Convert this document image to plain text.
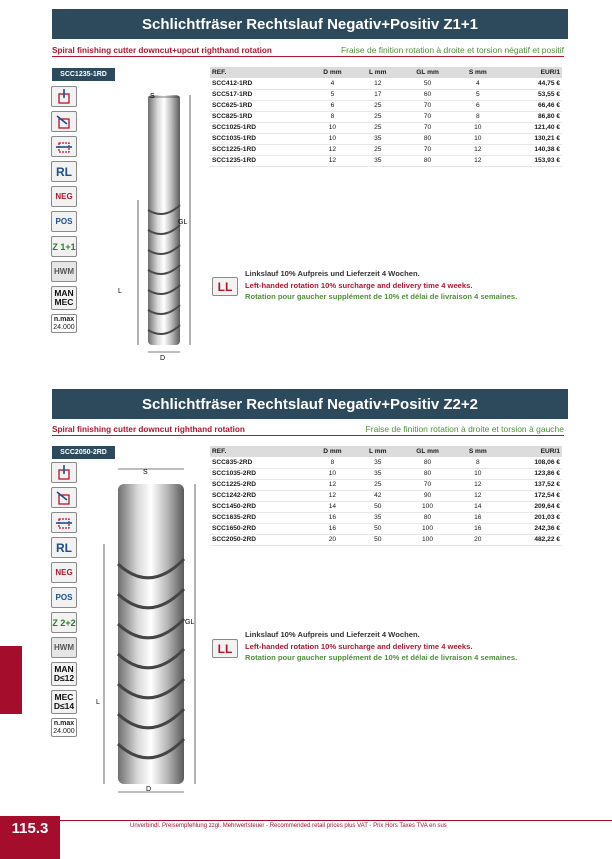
Schlichtfräser Rechtslauf Negativ+Positiv Z1+1
Spiral finishing cutter downcut+upcut righthand rotation	Fraise de finition rotation à droite et torsion négatif et positif
SCC1235-1RD
RL
NEG
POS
Z 1+1
HWM
MAN
MEC
n.max
24.000
S
GL
L
D
REF.	D mm	L mm	GL mm	S mm	EUR/1
SCC412-1RD	4	12	50	4	44,75 €
SCC517-1RD	5	17	60	5	53,55 €
SCC625-1RD	6	25	70	6	66,46 €
SCC825-1RD	8	25	70	8	86,80 €
SCC1025-1RD	10	25	70	10	121,40 €
SCC1035-1RD	10	35	80	10	130,21 €
SCC1225-1RD	12	25	70	12	140,38 €
SCC1235-1RD	12	35	80	12	153,93 €
LL
Linkslauf 10% Aufpreis und Lieferzeit 4 Wochen.
Left-handed rotation 10% surcharge and delivery time 4 weeks.
Rotation pour gaucher supplément de 10% et délai de livraison 4 semaines.
Schlichtfräser Rechtslauf Negativ+Positiv Z2+2
Spiral finishing cutter downcut righthand rotation	Fraise de finition rotation à droite et torsion à gauche
SCC2050-2RD
RL
NEG
POS
Z 2+2
HWM
MAN
D≤12
MEC
D≤14
n.max
24.000
S
GL
L
D
REF.	D mm	L mm	GL mm	S mm	EUR/1
SCC835-2RD	8	35	80	8	108,06 €
SCC1035-2RD	10	35	80	10	123,86 €
SCC1225-2RD	12	25	70	12	137,52 €
SCC1242-2RD	12	42	90	12	172,54 €
SCC1450-2RD	14	50	100	14	209,64 €
SCC1635-2RD	16	35	80	16	201,03 €
SCC1650-2RD	16	50	100	16	242,36 €
SCC2050-2RD	20	50	100	20	482,22 €
LL
Linkslauf 10% Aufpreis und Lieferzeit 4 Wochen.
Left-handed rotation 10% surcharge and delivery time 4 weeks.
Rotation pour gaucher supplément de 10% et délai de livraison 4 semaines.
115.3	Unverbindl. Preisempfehlung zzgl. Mehrwertsteuer - Recommended retail prices plus VAT - Prix Hors Taxes TVA en sus
